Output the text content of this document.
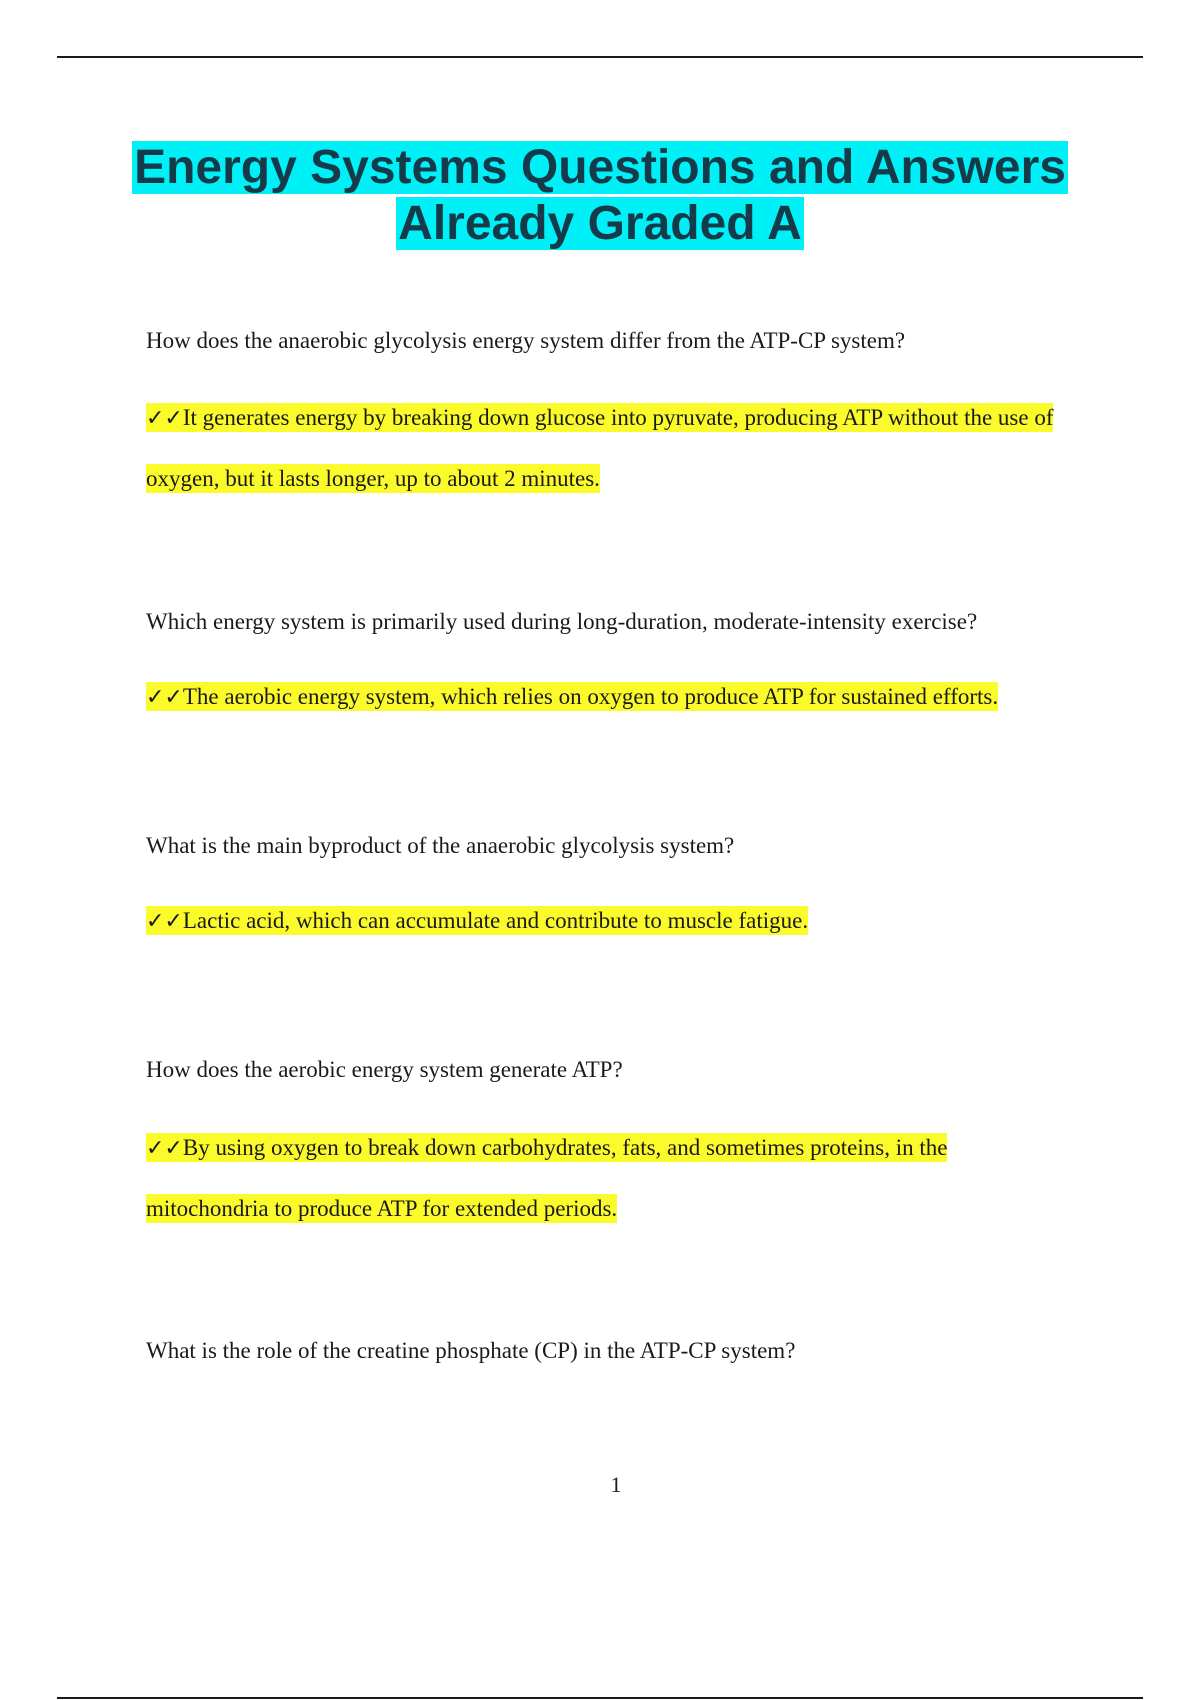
Energy Systems Questions and Answers
Already Graded A

How does the anaerobic glycolysis energy system differ from the ATP-CP system?

✓✓It generates energy by breaking down glucose into pyruvate, producing ATP without the use of oxygen, but it lasts longer, up to about 2 minutes.

Which energy system is primarily used during long-duration, moderate-intensity exercise?

✓✓The aerobic energy system, which relies on oxygen to produce ATP for sustained efforts.

What is the main byproduct of the anaerobic glycolysis system?

✓✓Lactic acid, which can accumulate and contribute to muscle fatigue.

How does the aerobic energy system generate ATP?

✓✓By using oxygen to break down carbohydrates, fats, and sometimes proteins, in the mitochondria to produce ATP for extended periods.

What is the role of the creatine phosphate (CP) in the ATP-CP system?

1
